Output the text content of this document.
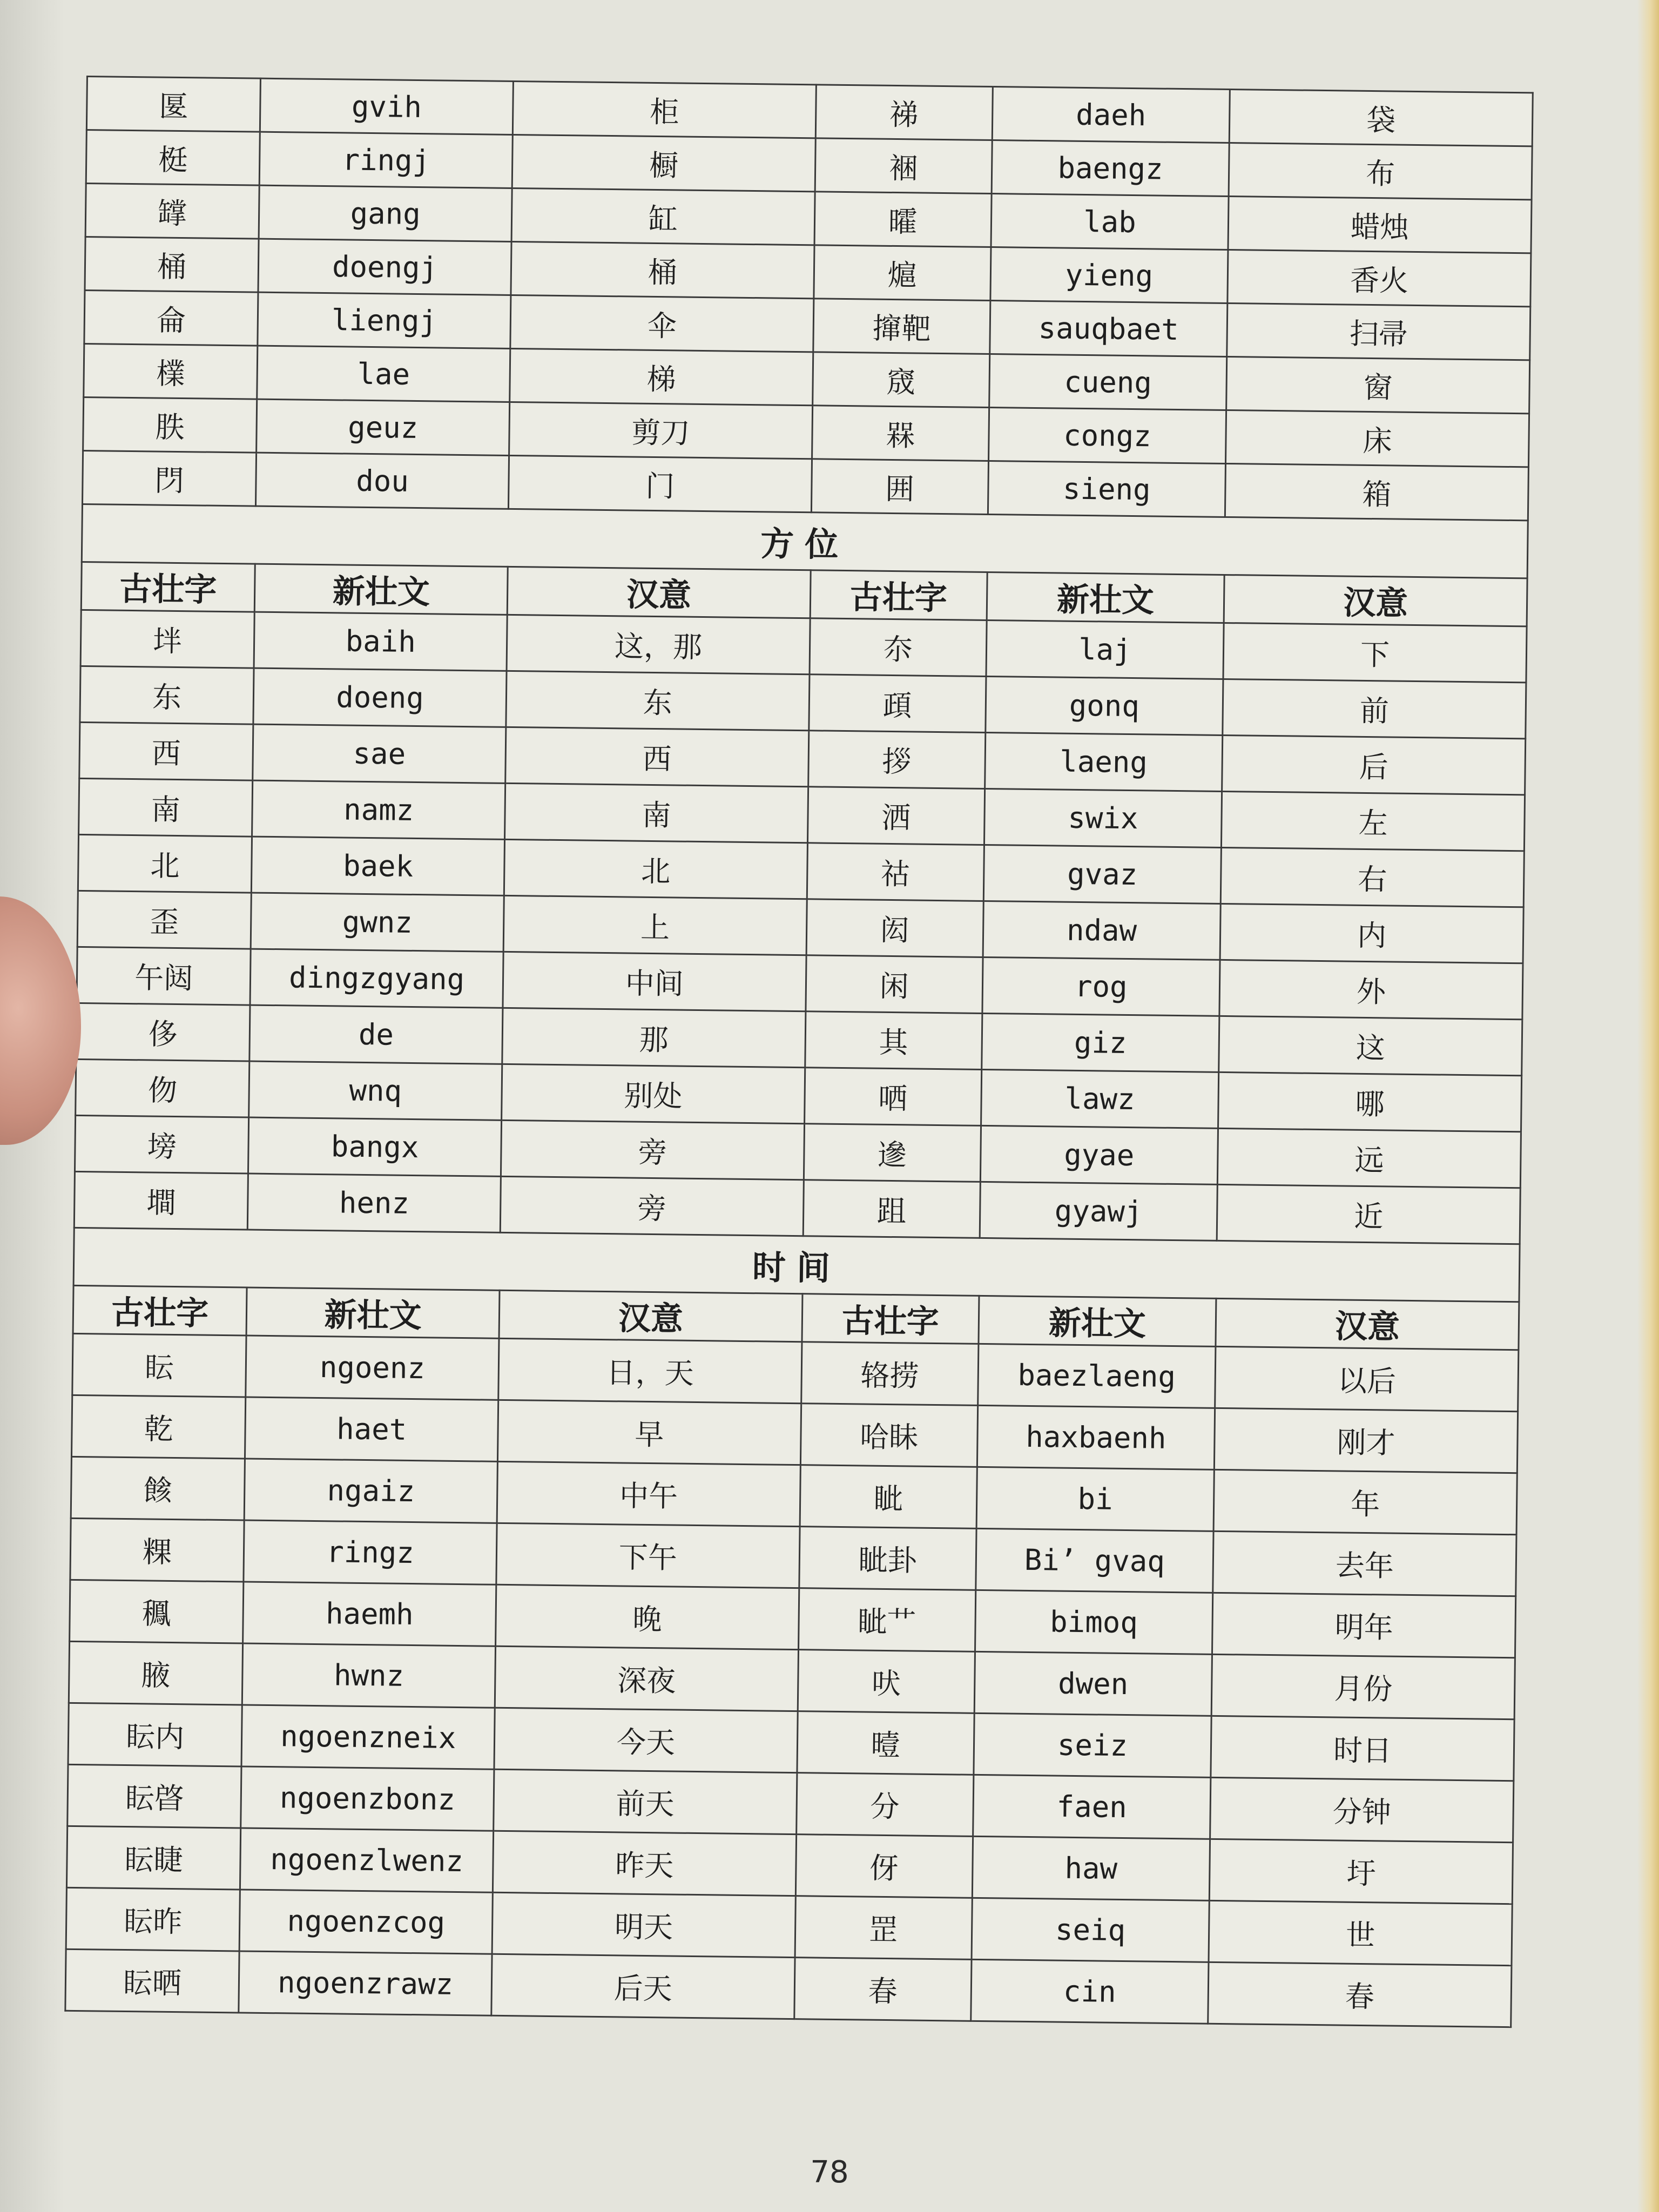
匽	gvih	柜	祶	daeh	袋
梃	ringj	橱	裍	baengz	布
罉	gang	缸	曤	lab	蜡烛
桶	doengj	桶	熩	yieng	香火
侖	liengj	伞	撺靶	sauqbaet	扫帚
檏	lae	梯	窚	cueng	窗
胅	geuz	剪刀	槑	congz	床
閁	dou	门	囲	sieng	箱
方位					
古壮字	新壮文	汉意	古壮字	新壮文	汉意
坢	baih	这，那	夵	laj	下
东	doeng	东	頙	gonq	前
西	sae	西	拶	laeng	后
南	namz	南	洒	swix	左
北	baek	北	祜	gvaz	右
歪	gwnz	上	闳	ndaw	内
午闼	dingzgyang	中间	闲	rog	外
侈	de	那	其	giz	这
伆	wnq	别处	哂	lawz	哪
塝	bangx	旁	遪	gyae	远
墹	henz	旁	跙	gyawj	近
时间					
古壮字	新壮文	汉意	古壮字	新壮文	汉意
眃	ngoenz	日，天	辂捞	baezlaeng	以后
乾	haet	早	哈眛	haxbaenh	刚才
餩	ngaiz	中午	眦	bi	年
粿	ringz	下午	眦卦	Bi’ gvaq	去年
䆇	haemh	晚	眦艹	bimoq	明年
腋	hwnz	深夜	吠	dwen	月份
眃内	ngoenzneix	今天	曀	seiz	时日
眃晵	ngoenzbonz	前天	分	faen	分钟
眃睫	ngoenzlwenz	昨天	伢	haw	圩
眃昨	ngoenzcog	明天	罡	seiq	世
眃晒	ngoenzrawz	后天	春	cin	春
78
